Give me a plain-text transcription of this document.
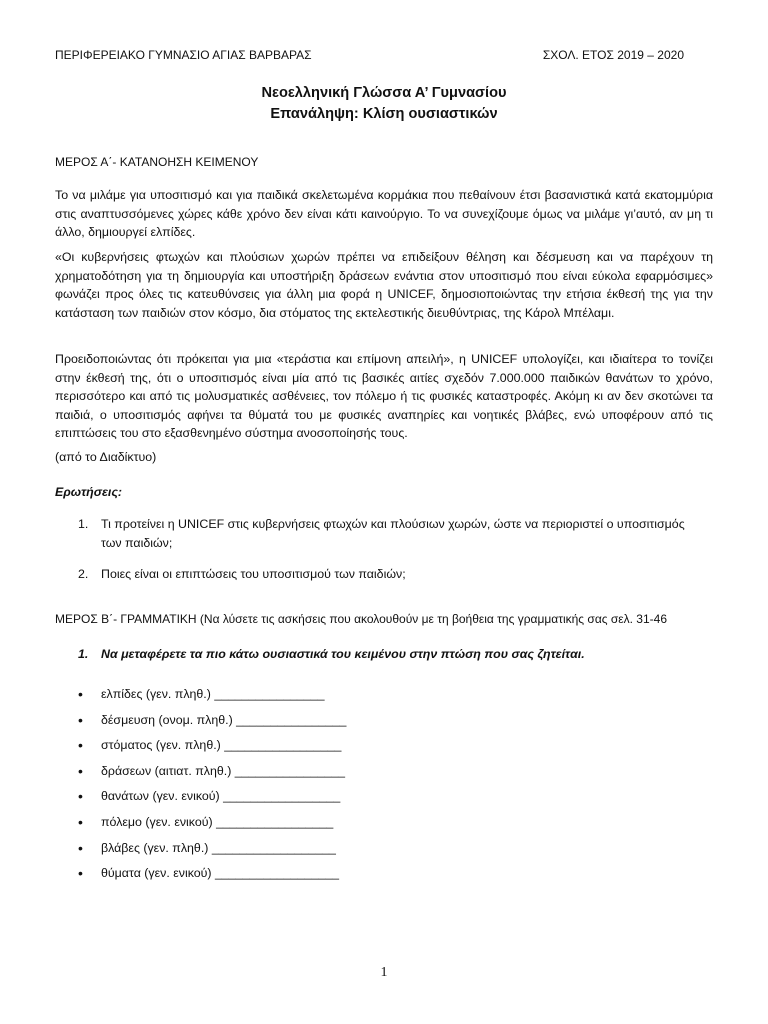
ΠΕΡΙΦΕΡΕΙΑΚΟ ΓΥΜΝΑΣΙΟ ΑΓΙΑΣ ΒΑΡΒΑΡΑΣ	ΣΧΟΛ. ΕΤΟΣ 2019 – 2020
Νεοελληνική Γλώσσα Α’ Γυμνασίου
Επανάληψη: Κλίση ουσιαστικών
ΜΕΡΟΣ Α΄- ΚΑΤΑΝΟΗΣΗ ΚΕΙΜΕΝΟΥ

Το να μιλάμε για υποσιτισμό και για παιδικά σκελετωμένα κορμάκια που πεθαίνουν έτσι βασανιστικά κατά εκατομμύρια στις αναπτυσσόμενες χώρες κάθε χρόνο δεν είναι κάτι καινούργιο. Το να συνεχίζουμε όμως να μιλάμε γι’αυτό, αν μη τι άλλο, δημιουργεί ελπίδες.

«Οι κυβερνήσεις φτωχών και πλούσιων χωρών πρέπει να επιδείξουν θέληση και δέσμευση και να παρέχουν τη χρηματοδότηση για τη δημιουργία και υποστήριξη δράσεων ενάντια στον υποσιτισμό που είναι εύκολα εφαρμόσιμες» φωνάζει προς όλες τις κατευθύνσεις για άλλη μια φορά η UNICEF, δημοσιοποιώντας την ετήσια έκθεσή της για την κατάσταση των παιδιών στον κόσμο, δια στόματος της εκτελεστικής διευθύντριας, της Κάρολ Μπέλαμι.

Προειδοποιώντας ότι πρόκειται για μια «τεράστια και επίμονη απειλή», η UNICEF υπολογίζει, και ιδιαίτερα το τονίζει στην έκθεσή της, ότι ο υποσιτισμός είναι μία από τις βασικές αιτίες σχεδόν 7.000.000 παιδικών θανάτων το χρόνο, περισσότερο και από τις μολυσματικές ασθένειες, τον πόλεμο ή τις φυσικές καταστροφές. Ακόμη κι αν δεν σκοτώνει τα παιδιά, ο υποσιτισμός αφήνει τα θύματά του με φυσικές αναπηρίες και νοητικές βλάβες, ενώ υποφέρουν από τις επιπτώσεις του στο εξασθενημένο σύστημα ανοσοποίησής τους.

(από το Διαδίκτυο)
Ερωτήσεις:
1. Τι προτείνει η UNICEF στις κυβερνήσεις φτωχών και πλούσιων χωρών, ώστε να περιοριστεί ο υποσιτισμός των παιδιών;
2. Ποιες είναι οι επιπτώσεις του υποσιτισμού των παιδιών;
ΜΕΡΟΣ Β΄- ΓΡΑΜΜΑΤΙΚΗ (Να λύσετε τις ασκήσεις που ακολουθούν με τη βοήθεια της γραμματικής σας σελ. 31-46
1. Να μεταφέρετε τα πιο κάτω ουσιαστικά του κειμένου στην πτώση που σας ζητείται.
• ελπίδες (γεν. πληθ.) ________________
• δέσμευση (ονομ. πληθ.) ________________
• στόματος (γεν. πληθ.) _________________
• δράσεων (αιτιατ. πληθ.) ________________
• θανάτων (γεν. ενικού) _________________
• πόλεμο (γεν. ενικού) _________________
• βλάβες (γεν. πληθ.) __________________
• θύματα (γεν. ενικού) __________________
1
